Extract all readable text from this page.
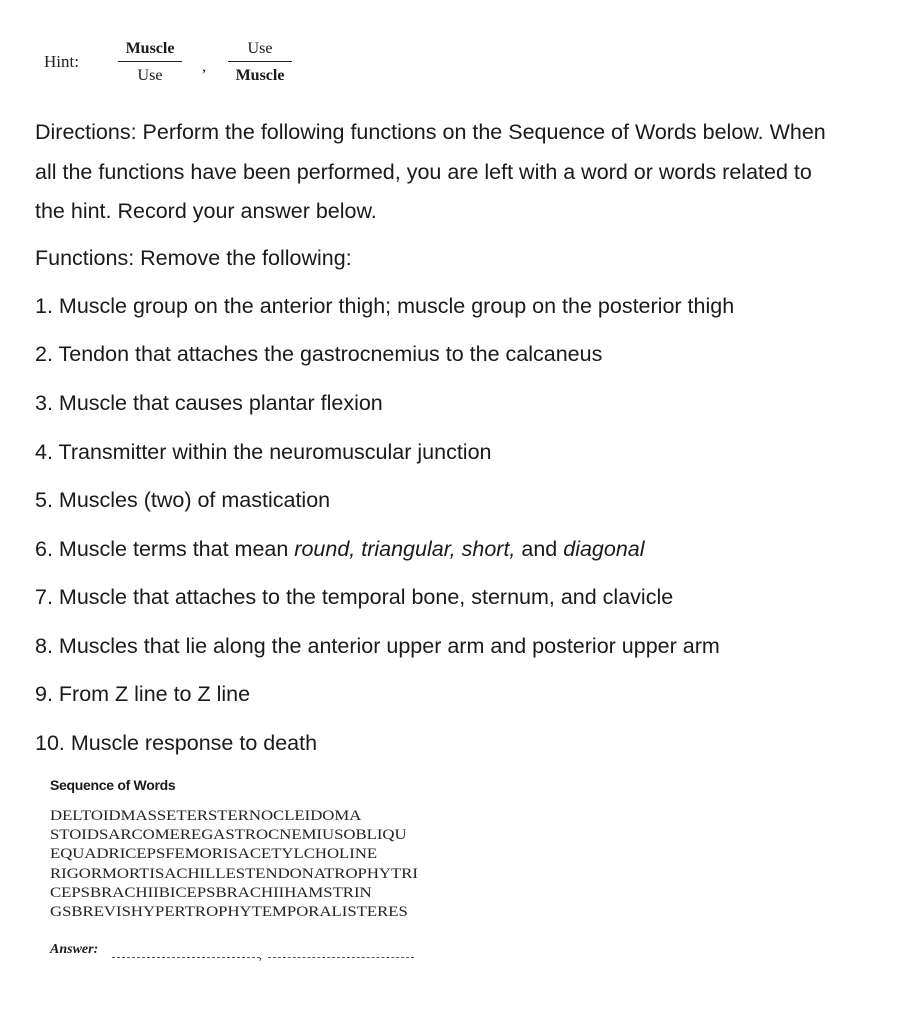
Hint:
Muscle
Use
,
Use
Muscle

Directions: Perform the following functions on the Sequence of Words below. When all the functions have been performed, you are left with a word or words related to the hint. Record your answer below.

Functions: Remove the following:

1. Muscle group on the anterior thigh; muscle group on the posterior thigh
2. Tendon that attaches the gastrocnemius to the calcaneus
3. Muscle that causes plantar flexion
4. Transmitter within the neuromuscular junction
5. Muscles (two) of mastication
6. Muscle terms that mean round, triangular, short, and diagonal
7. Muscle that attaches to the temporal bone, sternum, and clavicle
8. Muscles that lie along the anterior upper arm and posterior upper arm
9. From Z line to Z line
10. Muscle response to death
Sequence of Words
DELTOIDMASSETERSTERNOCLEIDOMA
STOIDSARCOMEREGASTROCNEMIUSOBLIQU
EQUADRICEPSFEMORISACETYLCHOLINE
RIGORMORTISACHILLESTENDONATROPHYTRI
CEPSBRACHIIBICEPSBRACHIIHAMSTRIN
GSBREVISHYPERTROPHYTEMPORALISTERES
Answer:	,
